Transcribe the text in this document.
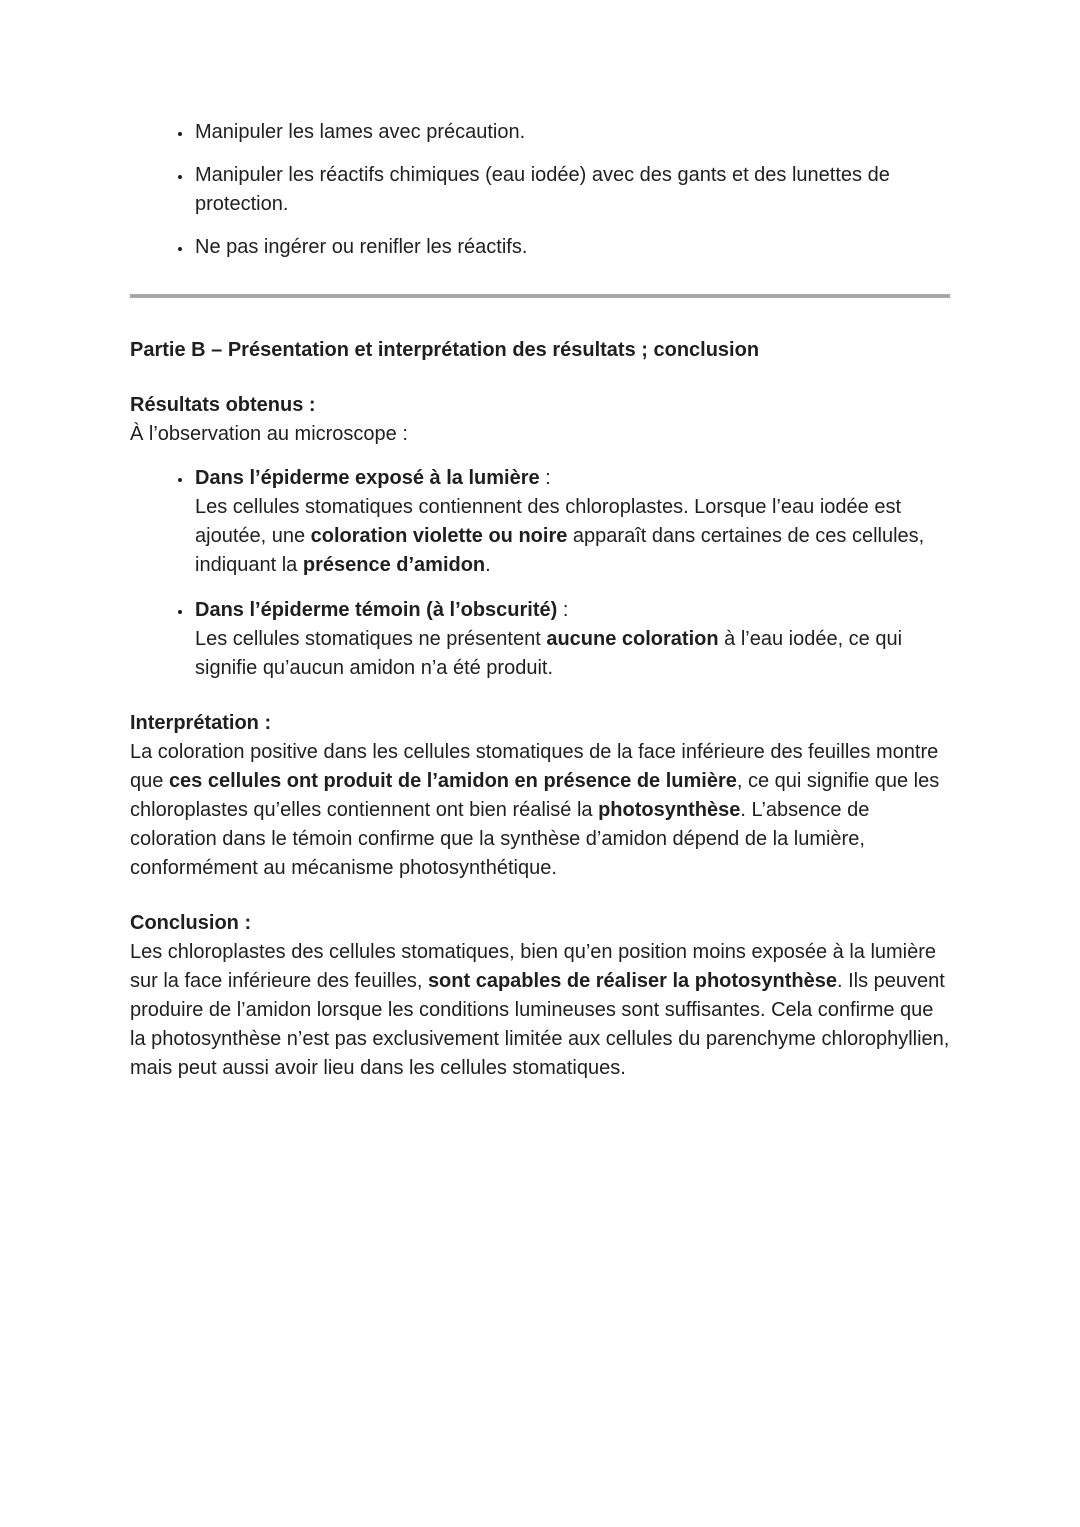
• Manipuler les lames avec précaution.
• Manipuler les réactifs chimiques (eau iodée) avec des gants et des lunettes de protection.
• Ne pas ingérer ou renifler les réactifs.
Partie B – Présentation et interprétation des résultats ; conclusion
Résultats obtenus :

À l’observation au microscope :

• Dans l’épiderme exposé à la lumière :
Les cellules stomatiques contiennent des chloroplastes. Lorsque l’eau iodée est ajoutée, une coloration violette ou noire apparaît dans certaines de ces cellules, indiquant la présence d’amidon.
• Dans l’épiderme témoin (à l’obscurité) :
Les cellules stomatiques ne présentent aucune coloration à l’eau iodée, ce qui signifie qu’aucun amidon n’a été produit.
Interprétation :

La coloration positive dans les cellules stomatiques de la face inférieure des feuilles montre que ces cellules ont produit de l’amidon en présence de lumière, ce qui signifie que les chloroplastes qu’elles contiennent ont bien réalisé la photosynthèse. L’absence de coloration dans le témoin confirme que la synthèse d’amidon dépend de la lumière, conformément au mécanisme photosynthétique.

Conclusion :

Les chloroplastes des cellules stomatiques, bien qu’en position moins exposée à la lumière sur la face inférieure des feuilles, sont capables de réaliser la photosynthèse. Ils peuvent produire de l’amidon lorsque les conditions lumineuses sont suffisantes. Cela confirme que la photosynthèse n’est pas exclusivement limitée aux cellules du parenchyme chlorophyllien, mais peut aussi avoir lieu dans les cellules stomatiques.
